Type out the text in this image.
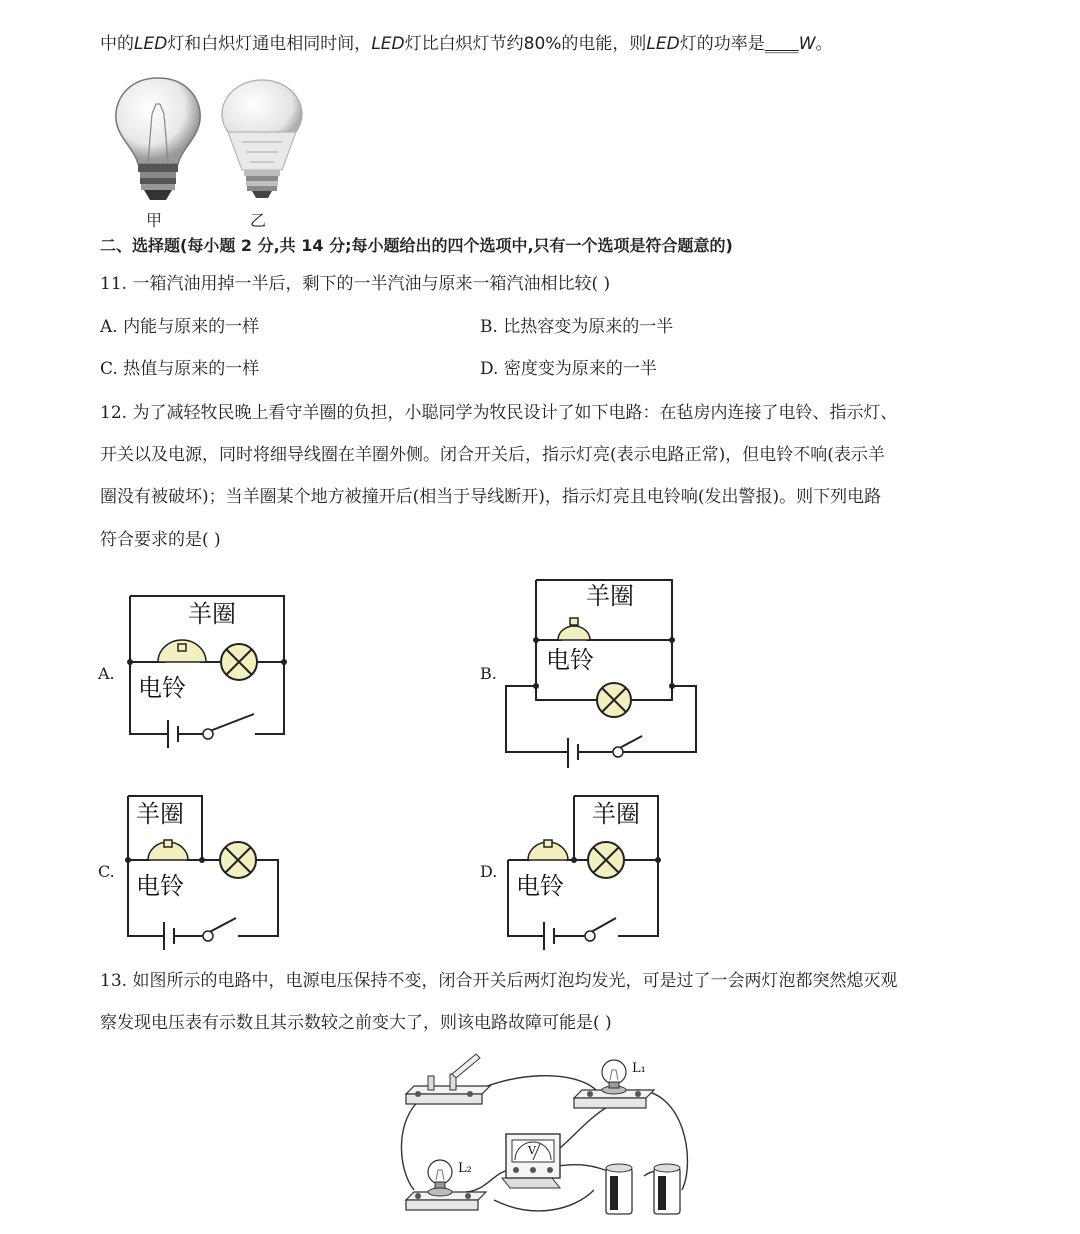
中的LED灯和白炽灯通电相同时间，LED灯比白炽灯节约80%的电能，则LED灯的功率是____W。
甲	乙
二、选择题(每小题 2 分,共 14 分;每小题给出的四个选项中,只有一个选项是符合题意的)
11. 一箱汽油用掉一半后，剩下的一半汽油与原来一箱汽油相比较( )
A. 内能与原来的一样	B. 比热容变为原来的一半
C. 热值与原来的一样	D. 密度变为原来的一半
12. 为了减轻牧民晚上看守羊圈的负担，小聪同学为牧民设计了如下电路：在毡房内连接了电铃、指示灯、
开关以及电源，同时将细导线圈在羊圈外侧。闭合开关后，指示灯亮(表示电路正常)，但电铃不响(表示羊
圈没有被破坏)；当羊圈某个地方被撞开后(相当于导线断开)，指示灯亮且电铃响(发出警报)。则下列电路
符合要求的是( )
A.
羊圈
电铃
B.
羊圈
电铃
C.
羊圈
电铃
D.
羊圈
电铃
13. 如图所示的电路中，电源电压保持不变，闭合开关后两灯泡均发光，可是过了一会两灯泡都突然熄灭观
察发现电压表有示数且其示数较之前变大了，则该电路故障可能是( )
L₁
L₂
V
